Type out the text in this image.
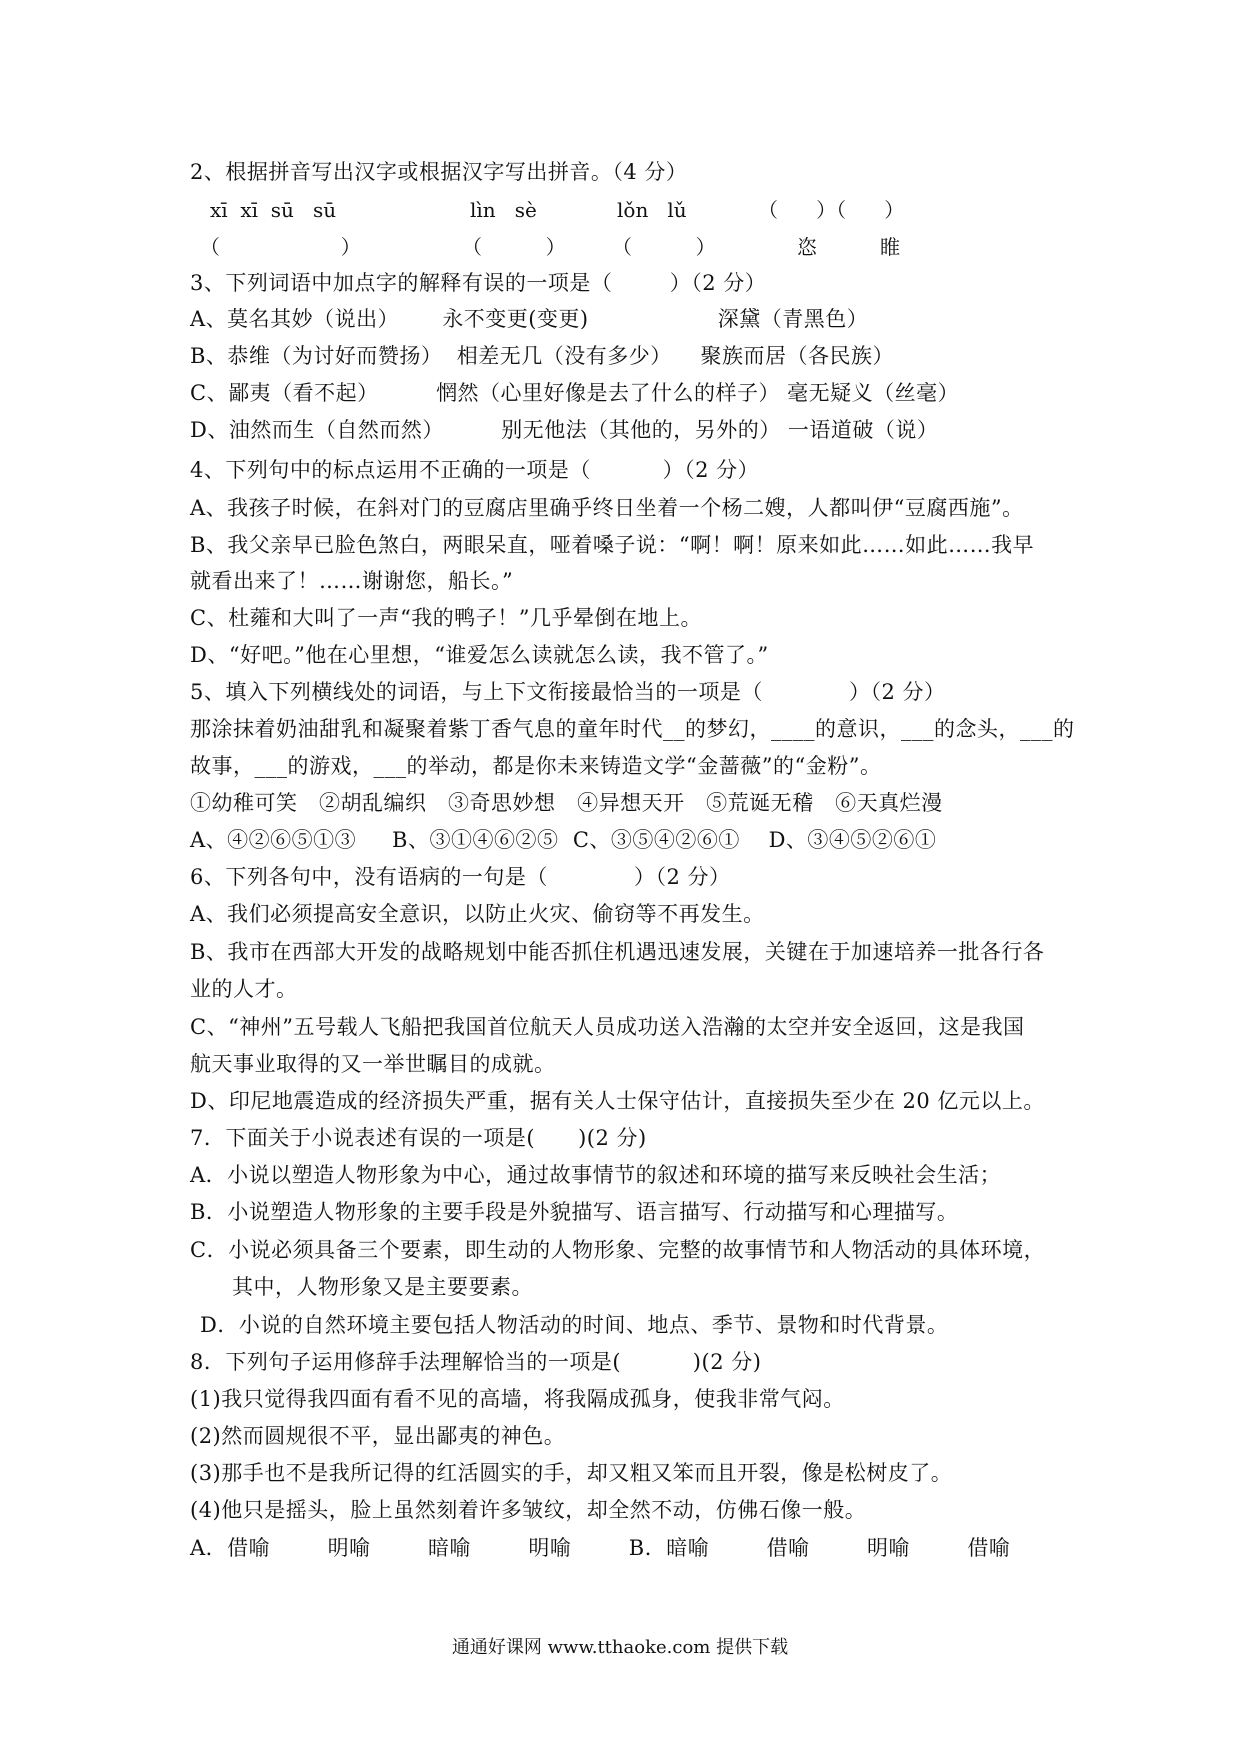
2、根据拼音写出汉字或根据汉字写出拼音。（4 分）
xī  xī  sū   sū	lìn   sè	lǒn   lǔ	（      ）（      ）
（                   ）	（          ） （          ）	恣	睢
3、下列词语中加点字的解释有误的一项是（        ）（2 分）
A、莫名其妙（说出）      永不变更(变更)                  深黛（青黑色）
B、恭维（为讨好而赞扬）  相差无几（没有多少）    聚族而居（各民族）
C、鄙夷（看不起）        惘然（心里好像是去了什么的样子） 毫无疑义（丝毫）
D、油然而生（自然而然）        别无他法（其他的，另外的） 一语道破（说）
4、下列句中的标点运用不正确的一项是（          ）（2 分）
A、我孩子时候，在斜对门的豆腐店里确乎终日坐着一个杨二嫂，人都叫伊“豆腐西施”。
B、我父亲早已脸色煞白，两眼呆直，哑着嗓子说：“啊！啊！原来如此……如此……我早
就看出来了！……谢谢您，船长。”
C、杜蕹和大叫了一声“我的鸭子！”几乎晕倒在地上。
D、“好吧。”他在心里想，“谁爱怎么读就怎么读，我不管了。”
5、填入下列横线处的词语，与上下文衔接最恰当的一项是（            ）（2 分）
那涂抹着奶油甜乳和凝聚着紫丁香气息的童年时代__的梦幻，____的意识，___的念头，___的
故事，___的游戏，___的举动，都是你未来铸造文学“金蔷薇”的“金粉”。
①幼稚可笑   ②胡乱编织   ③奇思妙想   ④异想天开   ⑤荒诞无稽   ⑥天真烂漫
A、④②⑥⑤①③     B、③①④⑥②⑤  C、③⑤④②⑥①    D、③④⑤②⑥①
6、下列各句中，没有语病的一句是（            ）（2 分）
A、我们必须提高安全意识，以防止火灾、偷窃等不再发生。
B、我市在西部大开发的战略规划中能否抓住机遇迅速发展，关键在于加速培养一批各行各
业的人才。
C、“神州”五号载人飞船把我国首位航天人员成功送入浩瀚的太空并安全返回，这是我国
航天事业取得的又一举世瞩目的成就。
D、印尼地震造成的经济损失严重，据有关人士保守估计，直接损失至少在 20 亿元以上。
7．下面关于小说表述有误的一项是(      )(2 分)
A．小说以塑造人物形象为中心，通过故事情节的叙述和环境的描写来反映社会生活；
B．小说塑造人物形象的主要手段是外貌描写、语言描写、行动描写和心理描写。
C．小说必须具备三个要素，即生动的人物形象、完整的故事情节和人物活动的具体环境，
其中，人物形象又是主要要素。
D．小说的自然环境主要包括人物活动的时间、地点、季节、景物和时代背景。
8．下列句子运用修辞手法理解恰当的一项是(          )(2 分)
(1)我只觉得我四面有看不见的高墙，将我隔成孤身，使我非常气闷。
(2)然而圆规很不平，显出鄙夷的神色。
(3)那手也不是我所记得的红活圆实的手，却又粗又笨而且开裂，像是松树皮了。
(4)他只是摇头，脸上虽然刻着许多皱纹，却全然不动，仿佛石像一般。
A．借喻        明喻        暗喻        明喻        B．暗喻        借喻        明喻        借喻
通通好课网 www.tthaoke.com 提供下载
